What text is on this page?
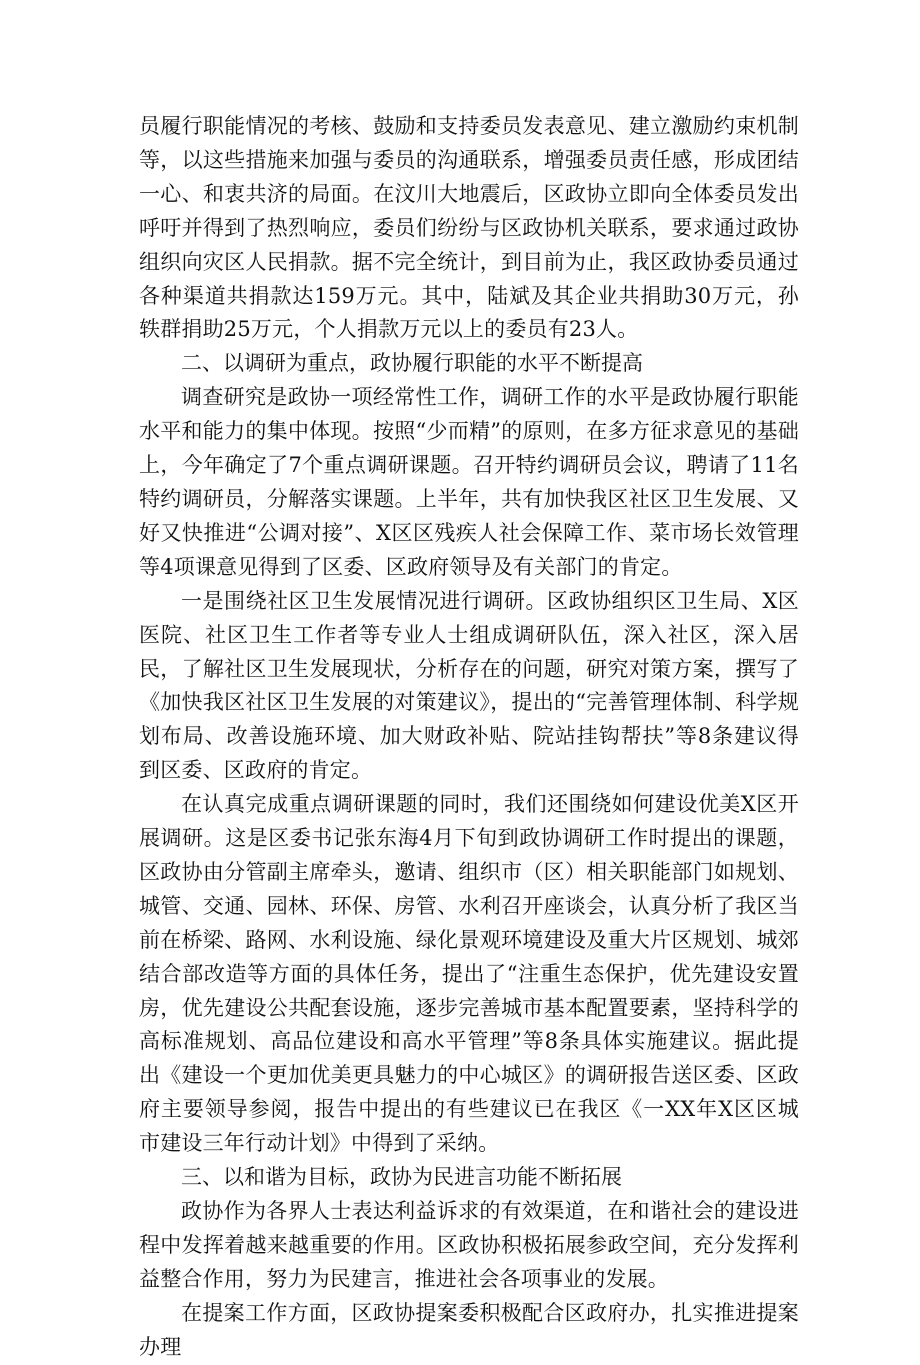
员履行职能情况的考核、鼓励和支持委员发表意见、建立激励约束机制等，以这些措施来加强与委员的沟通联系，增强委员责任感，形成团结一心、和衷共济的局面。在汶川大地震后，区政协立即向全体委员发出呼吁并得到了热烈响应，委员们纷纷与区政协机关联系，要求通过政协组织向灾区人民捐款。据不完全统计，到目前为止，我区政协委员通过各种渠道共捐款达159万元。其中，陆斌及其企业共捐助30万元，孙轶群捐助25万元，个人捐款万元以上的委员有23人。

二、以调研为重点，政协履行职能的水平不断提高

调查研究是政协一项经常性工作，调研工作的水平是政协履行职能水平和能力的集中体现。按照“少而精”的原则，在多方征求意见的基础上，今年确定了7个重点调研课题。召开特约调研员会议，聘请了11名特约调研员，分解落实课题。上半年，共有加快我区社区卫生发展、又好又快推进“公调对接”、X区区残疾人社会保障工作、菜市场长效管理等4项课意见得到了区委、区政府领导及有关部门的肯定。

一是围绕社区卫生发展情况进行调研。区政协组织区卫生局、X区医院、社区卫生工作者等专业人士组成调研队伍，深入社区，深入居民，了解社区卫生发展现状，分析存在的问题，研究对策方案，撰写了《加快我区社区卫生发展的对策建议》，提出的“完善管理体制、科学规划布局、改善设施环境、加大财政补贴、院站挂钩帮扶”等8条建议得到区委、区政府的肯定。

在认真完成重点调研课题的同时，我们还围绕如何建设优美X区开展调研。这是区委书记张东海4月下旬到政协调研工作时提出的课题，区政协由分管副主席牵头，邀请、组织市（区）相关职能部门如规划、城管、交通、园林、环保、房管、水利召开座谈会，认真分析了我区当前在桥梁、路网、水利设施、绿化景观环境建设及重大片区规划、城郊结合部改造等方面的具体任务，提出了“注重生态保护，优先建设安置房，优先建设公共配套设施，逐步完善城市基本配置要素，坚持科学的高标准规划、高品位建设和高水平管理”等8条具体实施建议。据此提出《建设一个更加优美更具魅力的中心城区》的调研报告送区委、区政府主要领导参阅，报告中提出的有些建议已在我区《一XX年X区区城市建设三年行动计划》中得到了采纳。

三、以和谐为目标，政协为民进言功能不断拓展

政协作为各界人士表达利益诉求的有效渠道，在和谐社会的建设进程中发挥着越来越重要的作用。区政协积极拓展参政空间，充分发挥利益整合作用，努力为民建言，推进社会各项事业的发展。

在提案工作方面，区政协提案委积极配合区政府办，扎实推进提案办理
